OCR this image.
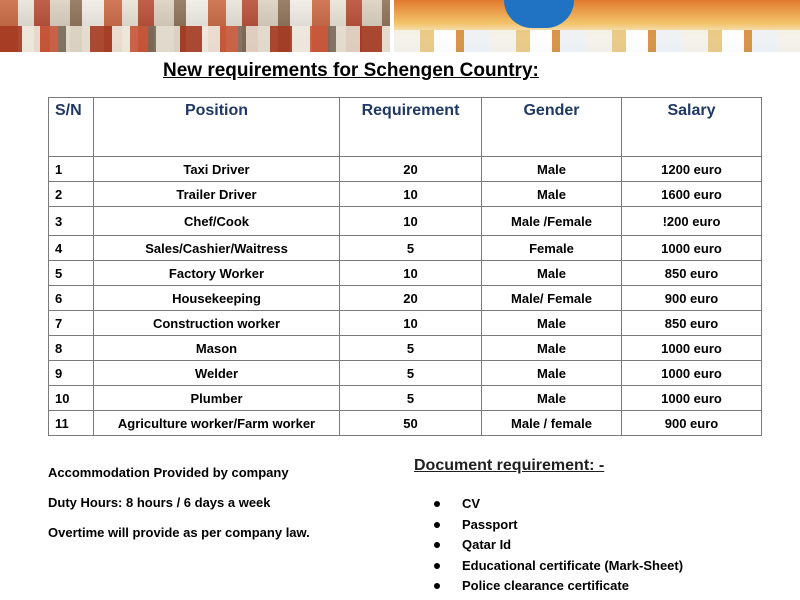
New requirements for Schengen Country:
S/N	Position	Requirement	Gender	Salary
1	Taxi Driver	20	Male	1200 euro
2	Trailer Driver	10	Male	1600 euro
3	Chef/Cook	10	Male /Female	!200 euro
4	Sales/Cashier/Waitress	5	Female	1000 euro
5	Factory Worker	10	Male	850 euro
6	Housekeeping	20	Male/ Female	900 euro
7	Construction worker	10	Male	850 euro
8	Mason	5	Male	1000 euro
9	Welder	5	Male	1000 euro
10	Plumber	5	Male	1000 euro
11	Agriculture worker/Farm worker	50	Male / female	900 euro
Accommodation Provided by company
Duty Hours: 8 hours / 6 days a week
Overtime will provide as per company law.
Document requirement: -
CV
Passport
Qatar Id
Educational certificate (Mark-Sheet)
Police clearance certificate
